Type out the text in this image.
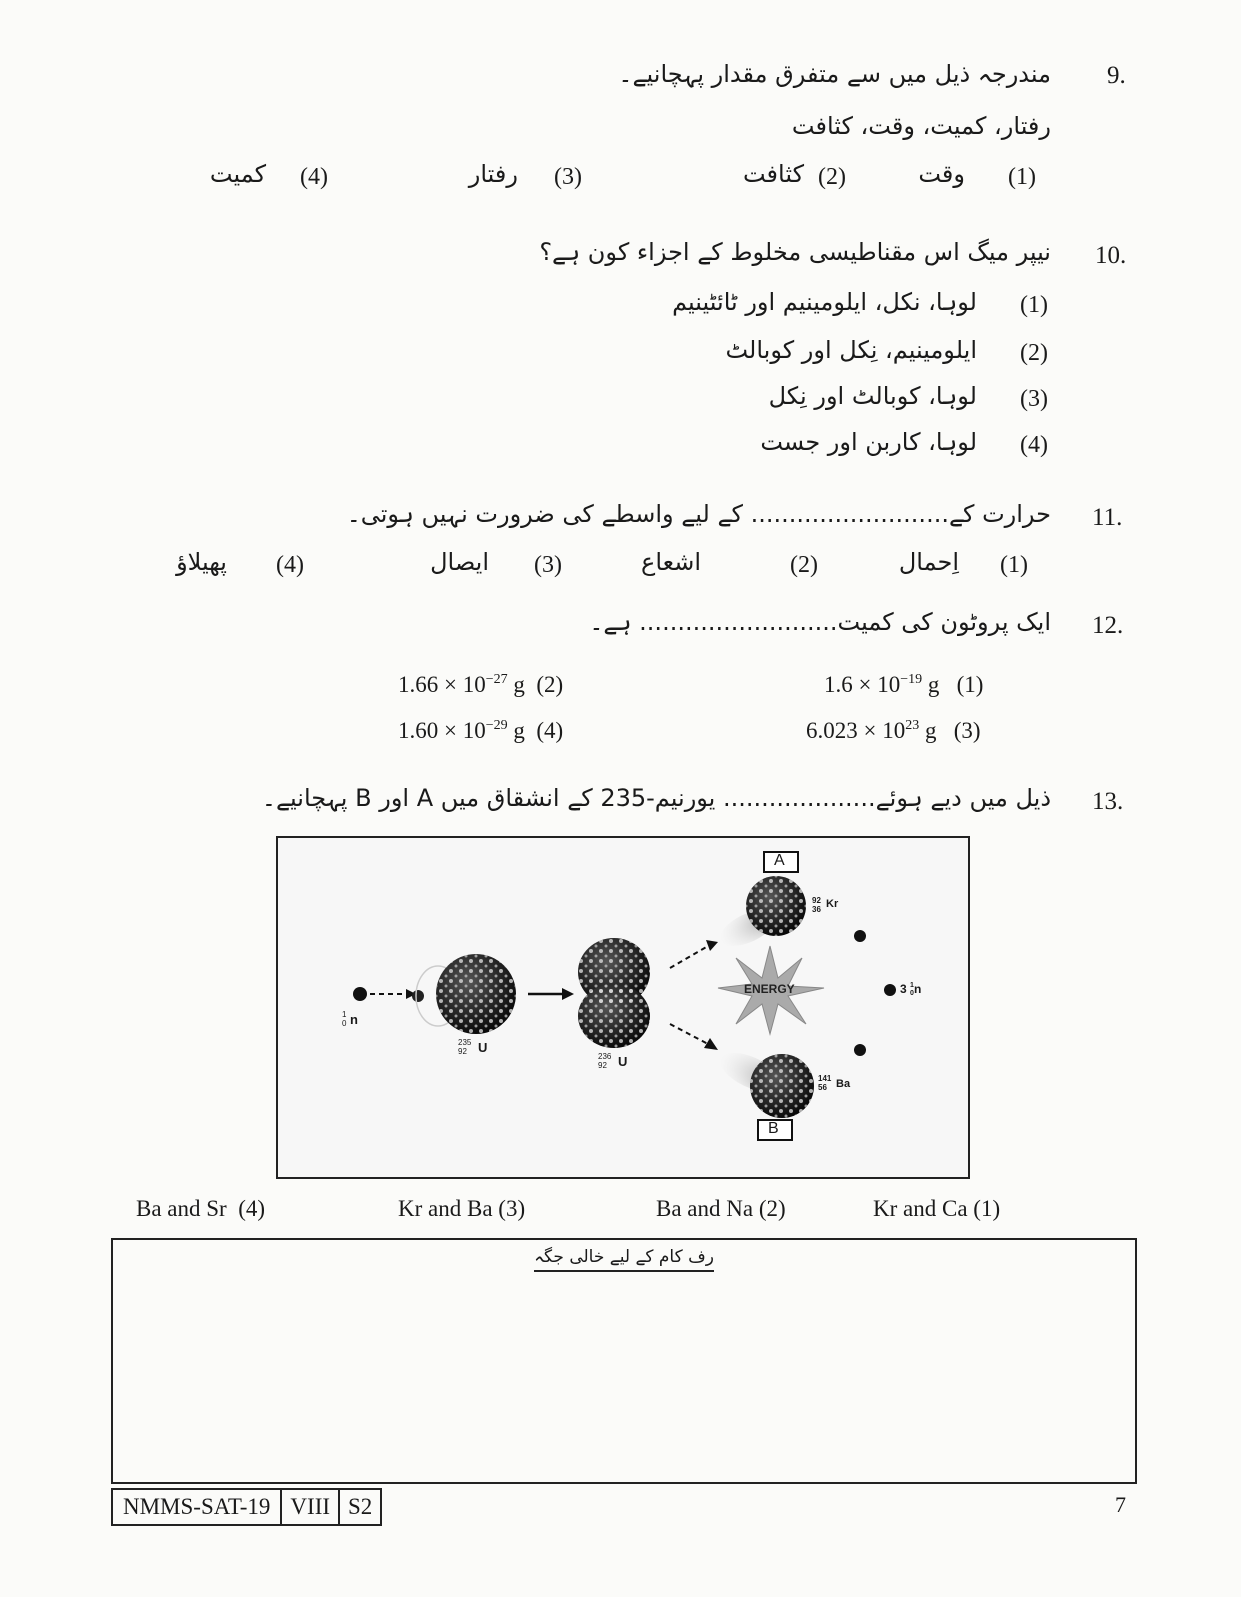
9.
مندرجہ ذیل میں سے متفرق مقدار پہچانیے۔
رفتار، کمیت، وقت، کثافت
(1)
وقت
(2)
کثافت
(3)
رفتار
(4)
کمیت
10.
نیپر میگ اس مقناطیسی مخلوط کے اجزاء کون ہے؟
(1)
لوہا، نکل، ایلومینیم اور ٹائٹینیم
(2)
ایلومینیم، نِکل اور کوبالٹ
(3)
لوہا، کوبالٹ اور نِکل
(4)
لوہا، کاربن اور جست
11.
حرارت کے.......................... کے لیے واسطے کی ضرورت نہیں ہوتی۔
(1)
اِحمال
(2)
اشعاع
(3)
ایصال
(4)
پھیلاؤ
12.
ایک پروٹون کی کمیت.......................... ہے۔
$1.6 \times 10^{-19}$ g (1)
$1.66 \times 10^{-27}$ g (2)
$6.023 \times 10^{23}$ g (3)
$1.60 \times 10^{-29}$ g (4)
13.
ذیل میں دیے ہوئے.................... یورنیم-235 کے انشقاق میں A اور B پہچانیے۔
A
B
ENERGY
1
0 n
235
92 U
236
92 U
92
36 Kr
141
56 Ba
3 1
0 n
Kr and Ca (1)
Ba and Na (2)
Kr and Ba (3)
Ba and Sr (4)
رف کام کے لیے خالی جگہ
NMMS-SAT-19 VIII S2	7
